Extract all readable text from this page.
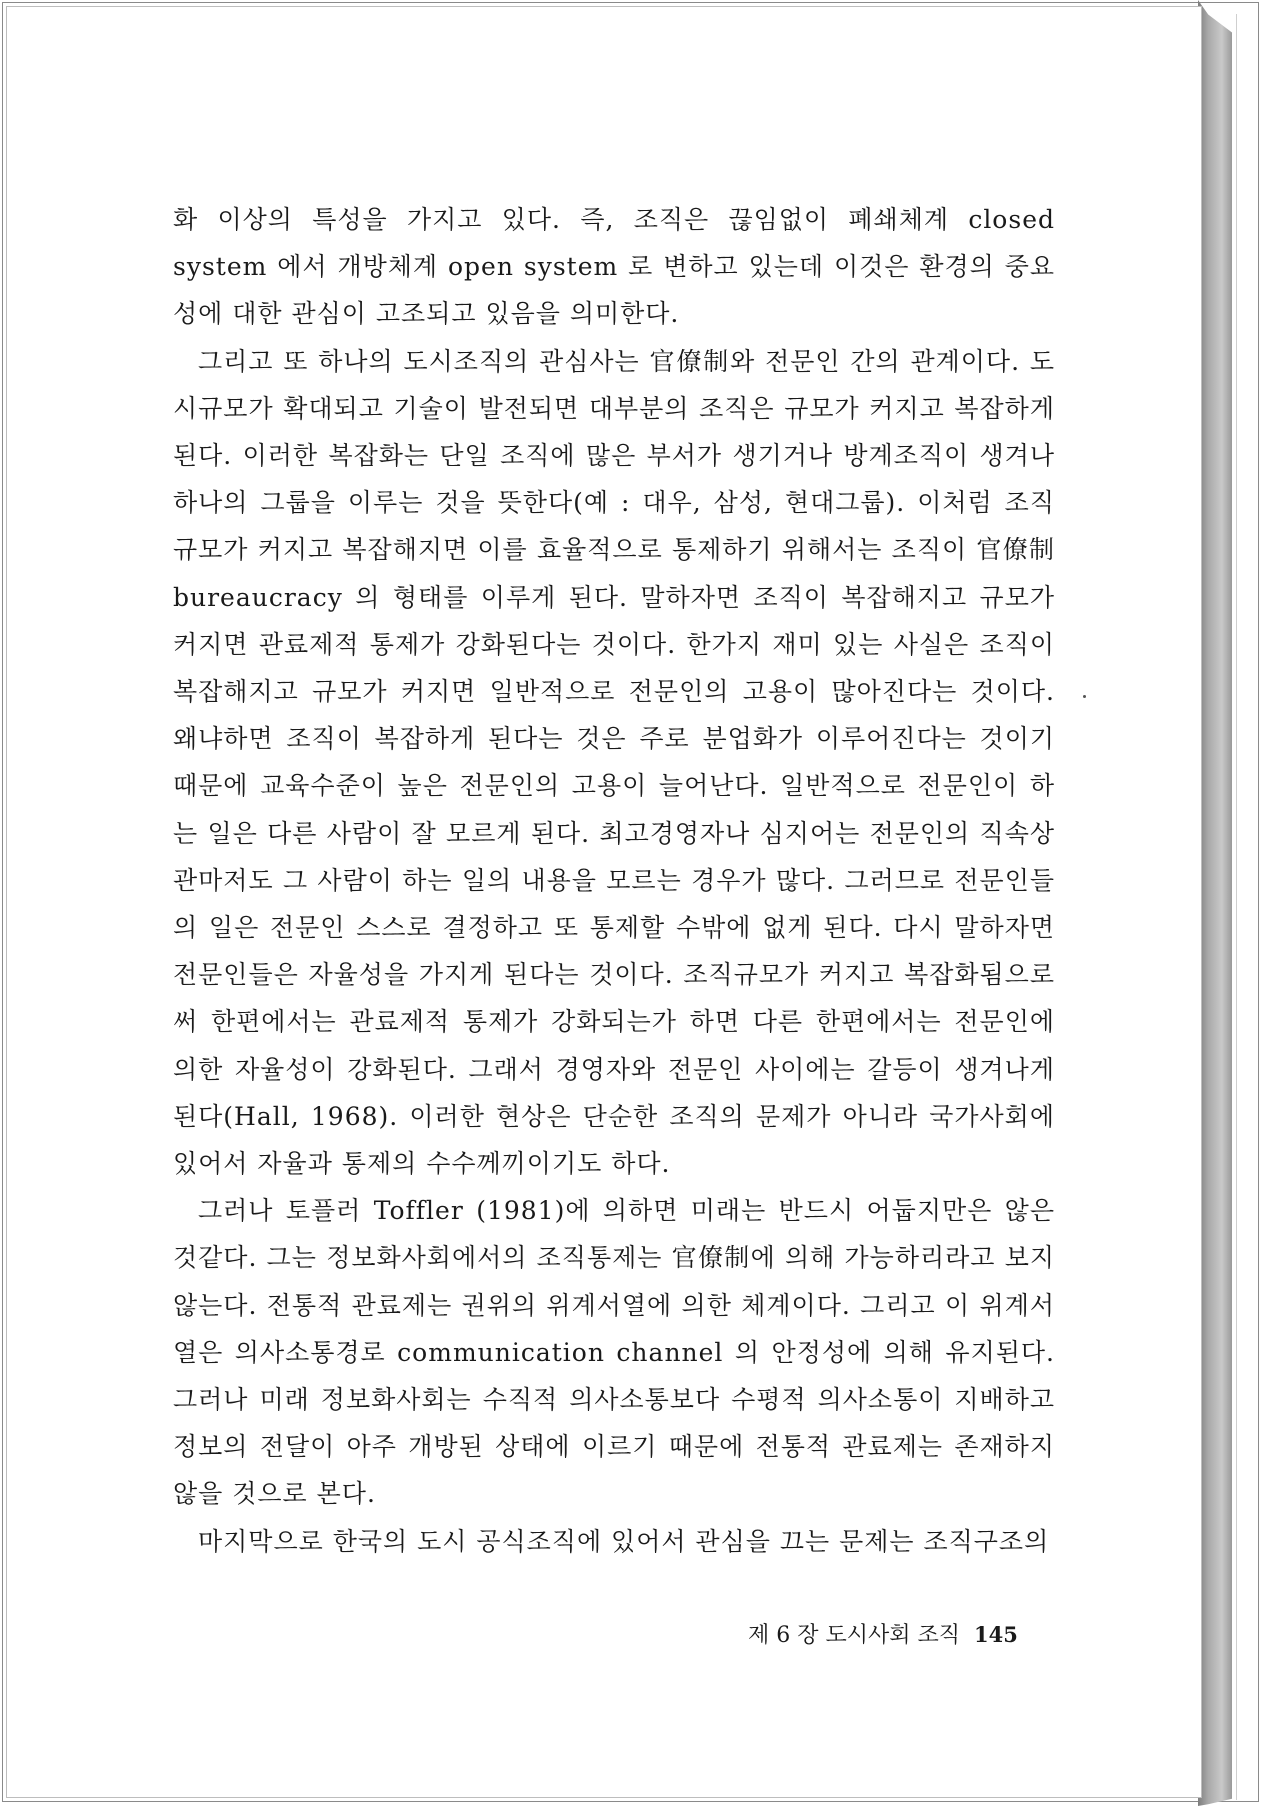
화 이상의 특성을 가지고 있다. 즉, 조직은 끊임없이 폐쇄체계 closed system 에서 개방체계 open system 로 변하고 있는데 이것은 환경의 중요성에 대한 관심이 고조되고 있음을 의미한다.

그리고 또 하나의 도시조직의 관심사는 官僚制와 전문인 간의 관계이다. 도시규모가 확대되고 기술이 발전되면 대부분의 조직은 규모가 커지고 복잡하게 된다. 이러한 복잡화는 단일 조직에 많은 부서가 생기거나 방계조직이 생겨나 하나의 그룹을 이루는 것을 뜻한다(예 : 대우, 삼성, 현대그룹). 이처럼 조직 규모가 커지고 복잡해지면 이를 효율적으로 통제하기 위해서는 조직이 官僚制 bureaucracy 의 형태를 이루게 된다. 말하자면 조직이 복잡해지고 규모가 커지면 관료제적 통제가 강화된다는 것이다. 한가지 재미 있는 사실은 조직이 복잡해지고 규모가 커지면 일반적으로 전문인의 고용이 많아진다는 것이다. 왜냐하면 조직이 복잡하게 된다는 것은 주로 분업화가 이루어진다는 것이기 때문에 교육수준이 높은 전문인의 고용이 늘어난다. 일반적으로 전문인이 하는 일은 다른 사람이 잘 모르게 된다. 최고경영자나 심지어는 전문인의 직속상관마저도 그 사람이 하는 일의 내용을 모르는 경우가 많다. 그러므로 전문인들의 일은 전문인 스스로 결정하고 또 통제할 수밖에 없게 된다. 다시 말하자면 전문인들은 자율성을 가지게 된다는 것이다. 조직규모가 커지고 복잡화됨으로써 한편에서는 관료제적 통제가 강화되는가 하면 다른 한편에서는 전문인에 의한 자율성이 강화된다. 그래서 경영자와 전문인 사이에는 갈등이 생겨나게 된다(Hall, 1968). 이러한 현상은 단순한 조직의 문제가 아니라 국가사회에 있어서 자율과 통제의 수수께끼이기도 하다.

그러나 토플러 Toffler (1981)에 의하면 미래는 반드시 어둡지만은 않은 것같다. 그는 정보화사회에서의 조직통제는 官僚制에 의해 가능하리라고 보지 않는다. 전통적 관료제는 권위의 위계서열에 의한 체계이다. 그리고 이 위계서열은 의사소통경로 communication channel 의 안정성에 의해 유지된다. 그러나 미래 정보화사회는 수직적 의사소통보다 수평적 의사소통이 지배하고 정보의 전달이 아주 개방된 상태에 이르기 때문에 전통적 관료제는 존재하지 않을 것으로 본다.

마지막으로 한국의 도시 공식조직에 있어서 관심을 끄는 문제는 조직구조의

제 6 장 도시사회 조직 145
